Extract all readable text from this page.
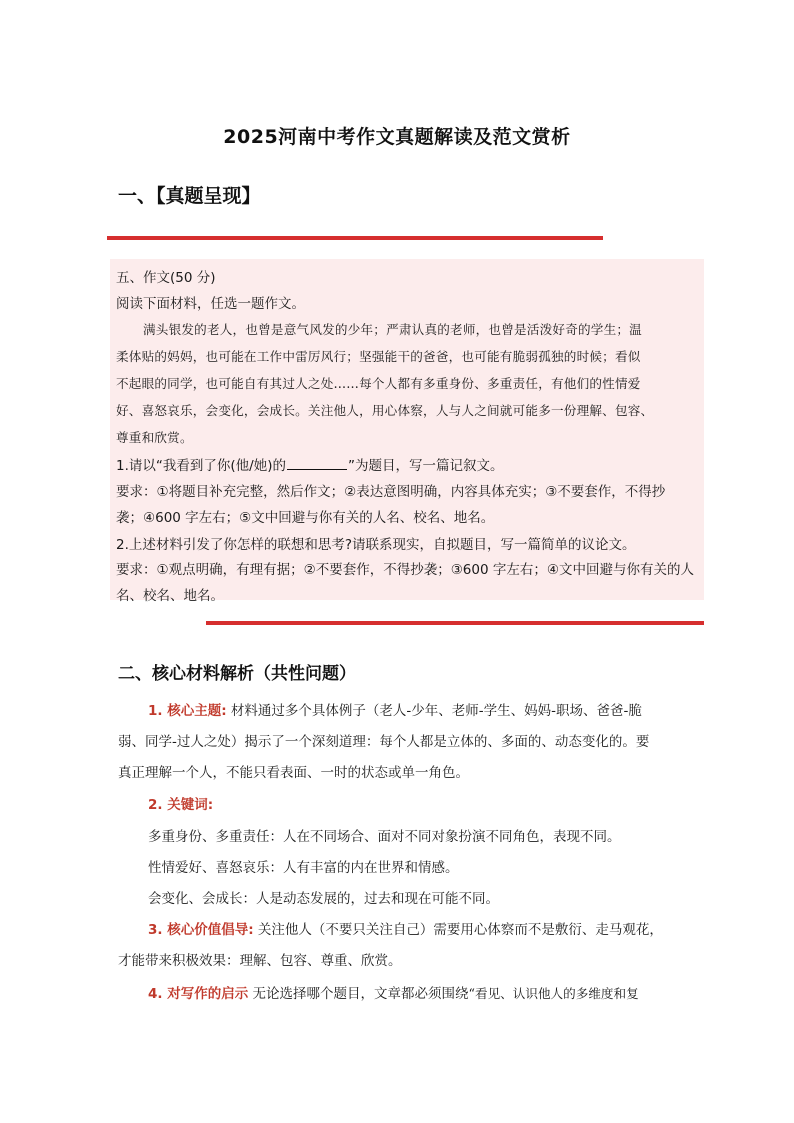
2025河南中考作文真题解读及范文赏析
一、【真题呈现】
五、作文(50 分)
阅读下面材料，任选一题作文。
满头银发的老人，也曾是意气风发的少年；严肃认真的老师，也曾是活泼好奇的学生；温
柔体贴的妈妈，也可能在工作中雷厉风行；坚强能干的爸爸，也可能有脆弱孤独的时候；看似
不起眼的同学，也可能自有其过人之处……每个人都有多重身份、多重责任，有他们的性情爱
好、喜怒哀乐，会变化，会成长。关注他人，用心体察，人与人之间就可能多一份理解、包容、
尊重和欣赏。
1.请以“我看到了你(他/她)的	”为题目，写一篇记叙文。
要求：①将题目补充完整，然后作文；②表达意图明确，内容具体充实；③不要套作，不得抄
袭；④600 字左右；⑤文中回避与你有关的人名、校名、地名。
2.上述材料引发了你怎样的联想和思考?请联系现实，自拟题目，写一篇简单的议论文。
要求：①观点明确，有理有据；②不要套作，不得抄袭；③600 字左右；④文中回避与你有关的人
名、校名、地名。
二、核心材料解析（共性问题）
1. 核心主题: 材料通过多个具体例子（老人-少年、老师-学生、妈妈-职场、爸爸-脆
弱、同学-过人之处）揭示了一个深刻道理：每个人都是立体的、多面的、动态变化的。要
真正理解一个人，不能只看表面、一时的状态或单一角色。
2. 关键词:
多重身份、多重责任：人在不同场合、面对不同对象扮演不同角色，表现不同。
性情爱好、喜怒哀乐：人有丰富的内在世界和情感。
会变化、会成长：人是动态发展的，过去和现在可能不同。
3. 核心价值倡导: 关注他人（不要只关注自己）需要用心体察而不是敷衍、走马观花，
才能带来积极效果：理解、包容、尊重、欣赏。
4. 对写作的启示 无论选择哪个题目，文章都必须围绕“看见、认识他人的多维度和复
